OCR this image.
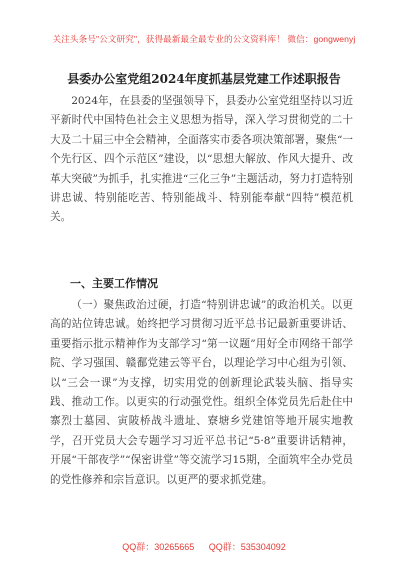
关注头条号"公文研究"，获得最新最全最专业的公文资料库！ 微信：gongwenyj
县委办公室党组2024年度抓基层党建工作述职报告

2024年，在县委的坚强领导下，县委办公室党组坚持以习近平新时代中国特色社会主义思想为指导，深入学习贯彻党的二十大及二十届三中全会精神，全面落实市委各项决策部署，聚焦“一个先行区、四个示范区”建设，以“思想大解放、作风大提升、改革大突破”为抓手，扎实推进“三化三争”主题活动，努力打造特别讲忠诚、特别能吃苦、特别能战斗、特别能奉献“四特”模范机关。

一、主要工作情况

（一）聚焦政治过硬，打造“特别讲忠诚”的政治机关。以更高的站位铸忠诚。始终把学习贯彻习近平总书记最新重要讲话、重要指示批示精神作为支部学习“第一议题”用好全市网络干部学院、学习强国、赣鄱党建云等平台，以理论学习中心组为引领、以“三会一课”为支撑，切实用党的创新理论武装头脑、指导实践、推动工作。以更实的行动强党性。组织全体党员先后赴住中寨烈士墓园、寅陂桥战斗遗址、寮塘乡党建馆等地开展实地教学，召开党员大会专题学习习近平总书记“5·8”重要讲话精神，开展“干部夜学”“保密讲堂”等交流学习15期，全面筑牢全办党员的党性修养和宗旨意识。以更严的要求抓党建。

QQ群：30265665 QQ群：535304092
